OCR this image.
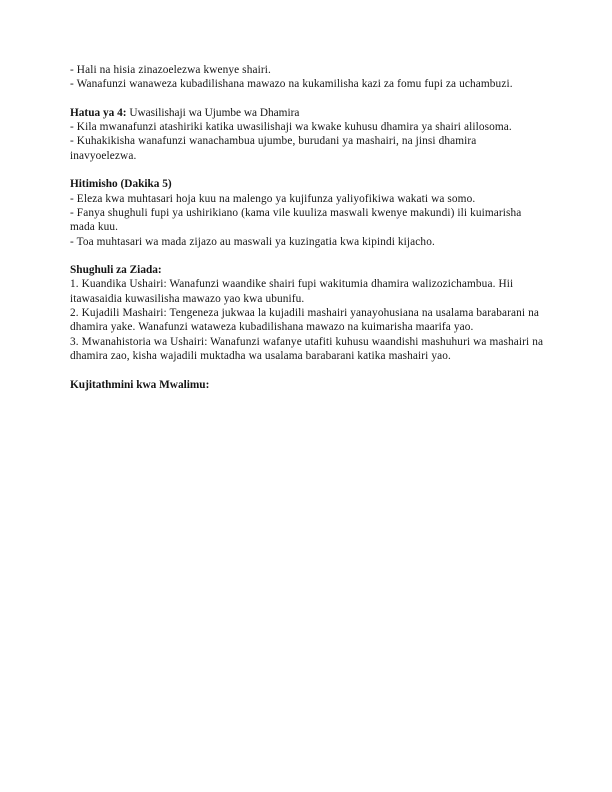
- Hali na hisia zinazoelezwa kwenye shairi.

- Wanafunzi wanaweza kubadilishana mawazo na kukamilisha kazi za fomu fupi za uchambuzi.

Hatua ya 4: Uwasilishaji wa Ujumbe wa Dhamira

- Kila mwanafunzi atashiriki katika uwasilishaji wa kwake kuhusu dhamira ya shairi alilosoma.

- Kuhakikisha wanafunzi wanachambua ujumbe, burudani ya mashairi, na jinsi dhamira inavyoelezwa.

Hitimisho (Dakika 5)

- Eleza kwa muhtasari hoja kuu na malengo ya kujifunza yaliyofikiwa wakati wa somo.

- Fanya shughuli fupi ya ushirikiano (kama vile kuuliza maswali kwenye makundi) ili kuimarisha mada kuu.

- Toa muhtasari wa mada zijazo au maswali ya kuzingatia kwa kipindi kijacho.

Shughuli za Ziada:

1. Kuandika Ushairi: Wanafunzi waandike shairi fupi wakitumia dhamira walizozichambua. Hii itawasaidia kuwasilisha mawazo yao kwa ubunifu.

2. Kujadili Mashairi: Tengeneza jukwaa la kujadili mashairi yanayohusiana na usalama barabarani na dhamira yake. Wanafunzi wataweza kubadilishana mawazo na kuimarisha maarifa yao.

3. Mwanahistoria wa Ushairi: Wanafunzi wafanye utafiti kuhusu waandishi mashuhuri wa mashairi na dhamira zao, kisha wajadili muktadha wa usalama barabarani katika mashairi yao.

Kujitathmini kwa Mwalimu:
